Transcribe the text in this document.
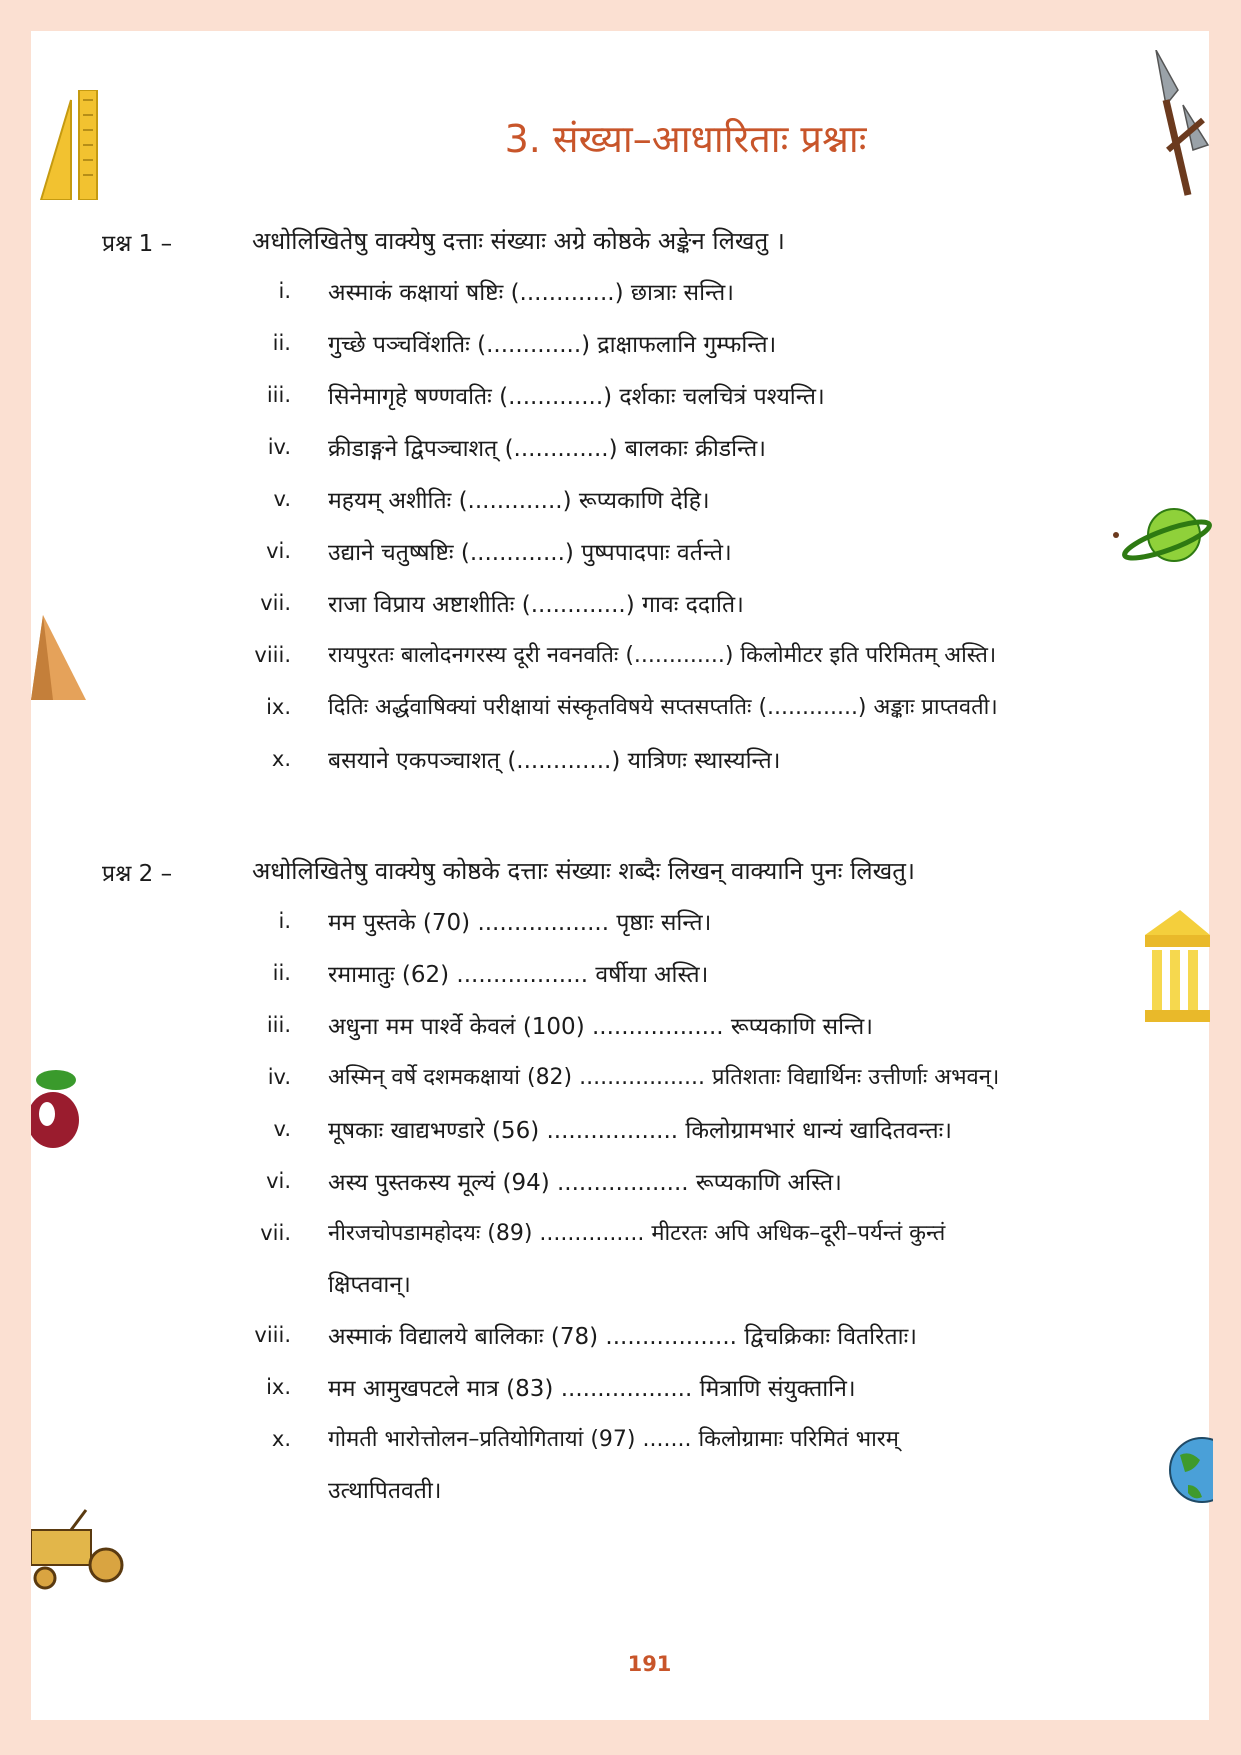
3. संख्या–आधारिताः प्रश्नाः
प्रश्न 1 –	अधोलिखितेषु वाक्येषु दत्ताः संख्याः अग्रे कोष्ठके अङ्केन लिखतु ।
i. अस्माकं कक्षायां षष्टिः (.............) छात्राः सन्ति।
ii. गुच्छे पञ्चविंशतिः (.............) द्राक्षाफलानि गुम्फन्ति।
iii. सिनेमागृहे षण्णवतिः (.............) दर्शकाः चलचित्रं पश्यन्ति।
iv. क्रीडाङ्गने द्विपञ्चाशत् (.............) बालकाः क्रीडन्ति।
v. महयम् अशीतिः (.............) रूप्यकाणि देहि।
vi. उद्याने चतुष्षष्टिः (.............) पुष्पपादपाः वर्तन्ते।
vii. राजा विप्राय अष्टाशीतिः (.............) गावः ददाति।
viii. रायपुरतः बालोदनगरस्य दूरी नवनवतिः (.............) किलोमीटर इति परिमितम् अस्ति।
ix. दितिः अर्द्धवाषिक्यां परीक्षायां संस्कृतविषये सप्तसप्ततिः (.............) अङ्काः प्राप्तवती।
x. बसयाने एकपञ्चाशत् (.............) यात्रिणः स्थास्यन्ति।
प्रश्न 2 –	अधोलिखितेषु वाक्येषु कोष्ठके दत्ताः संख्याः शब्दैः लिखन् वाक्यानि पुनः लिखतु।
i. मम पुस्तके (70) .................. पृष्ठाः सन्ति।
ii. रमामातुः (62) .................. वर्षीया अस्ति।
iii. अधुना मम पार्श्वे केवलं (100) .................. रूप्यकाणि सन्ति।
iv. अस्मिन् वर्षे दशमकक्षायां (82) .................. प्रतिशताः विद्यार्थिनः उत्तीर्णाः अभवन्।
v. मूषकाः खाद्यभण्डारे (56) .................. किलोग्रामभारं धान्यं खादितवन्तः।
vi. अस्य पुस्तकस्य मूल्यं (94) .................. रूप्यकाणि अस्ति।
vii. नीरजचोपडामहोदयः (89) ............... मीटरतः अपि अधिक–दूरी–पर्यन्तं कुन्तं
क्षिप्तवान्।
viii. अस्माकं विद्यालये बालिकाः (78) .................. द्विचक्रिकाः वितरिताः।
ix. मम आमुखपटले मात्र (83) .................. मित्राणि संयुक्तानि।
x. गोमती भारोत्तोलन–प्रतियोगितायां (97) ....... किलोग्रामाः परिमितं भारम्
उत्थापितवती।
191
